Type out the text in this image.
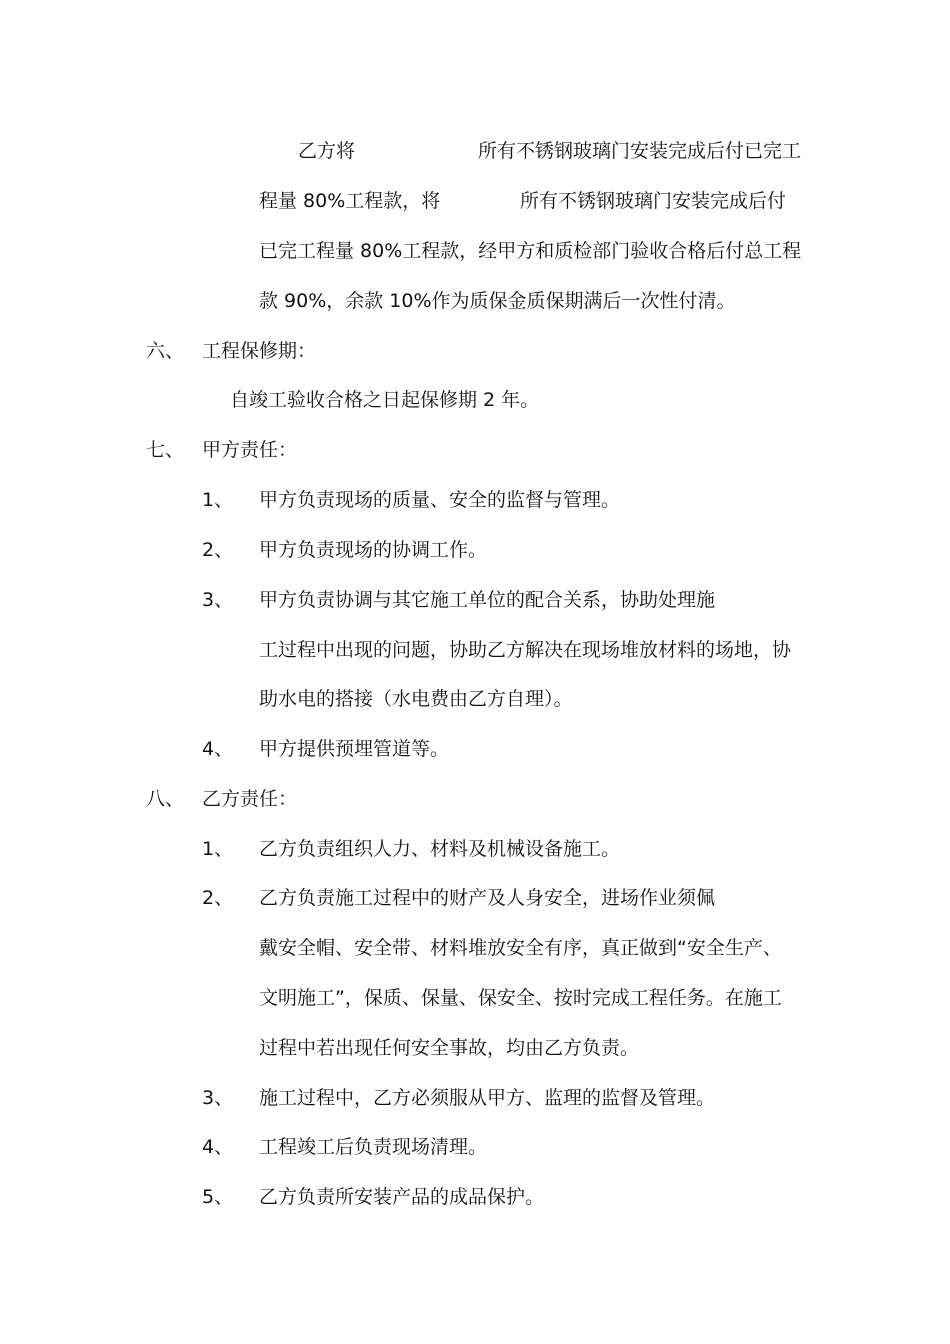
乙方将	所有不锈钢玻璃门安装完成后付已完工
程量 80%工程款，将	所有不锈钢玻璃门安装完成后付
已完工程量 80%工程款，经甲方和质检部门验收合格后付总工程
款 90%，余款 10%作为质保金质保期满后一次性付清。
六、 工程保修期：
自竣工验收合格之日起保修期 2 年。
七、 甲方责任：
1、 甲方负责现场的质量、安全的监督与管理。
2、 甲方负责现场的协调工作。
3、 甲方负责协调与其它施工单位的配合关系，协助处理施
工过程中出现的问题，协助乙方解决在现场堆放材料的场地，协
助水电的搭接（水电费由乙方自理）。
4、 甲方提供预埋管道等。
八、 乙方责任：
1、 乙方负责组织人力、材料及机械设备施工。
2、 乙方负责施工过程中的财产及人身安全，进场作业须佩
戴安全帽、安全带、材料堆放安全有序，真正做到“安全生产、
文明施工”，保质、保量、保安全、按时完成工程任务。在施工
过程中若出现任何安全事故，均由乙方负责。
3、 施工过程中，乙方必须服从甲方、监理的监督及管理。
4、 工程竣工后负责现场清理。
5、 乙方负责所安装产品的成品保护。
